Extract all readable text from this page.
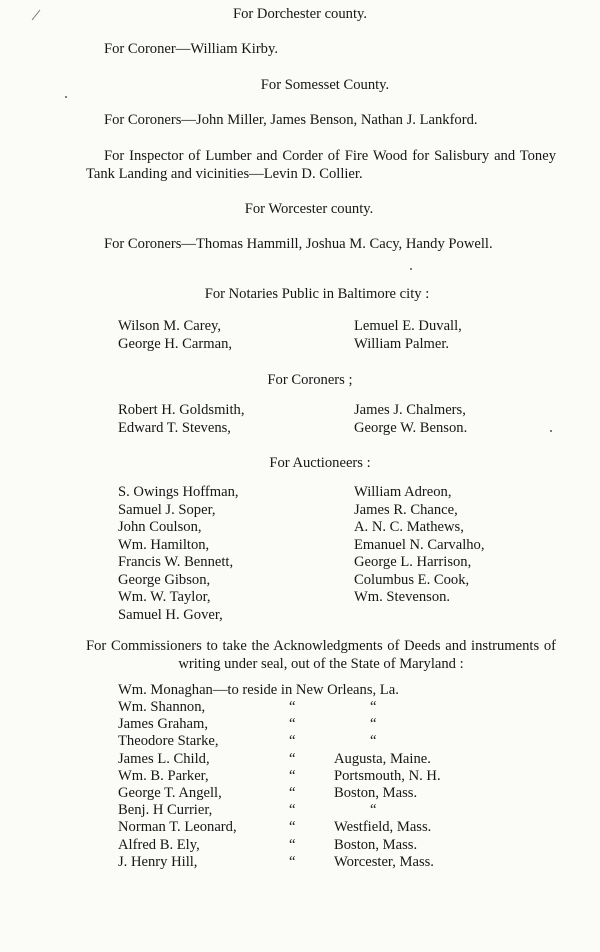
For Dorchester county.
For Coroner—William Kirby.
For Somesset County.
For Coroners—John Miller, James Benson, Nathan J. Lankford.
For Inspector of Lumber and Corder of Fire Wood for Salisbury and Toney Tank Landing and vicinities—Levin D. Collier.
For Worcester county.
For Coroners—Thomas Hammill, Joshua M. Cacy, Handy Powell.
For Notaries Public in Baltimore city :
Wilson M. Carey,	Lemuel E. Duvall,
George H. Carman,	William Palmer.
For Coroners ;
Robert H. Goldsmith,	James J. Chalmers,
Edward T. Stevens,	George W. Benson.
For Auctioneers :
S. Owings Hoffman,	William Adreon,
Samuel J. Soper,	James R. Chance,
John Coulson,	A. N. C. Mathews,
Wm. Hamilton,	Emanuel N. Carvalho,
Francis W. Bennett,	George L. Harrison,
George Gibson,	Columbus E. Cook,
Wm. W. Taylor,	Wm. Stevenson.
Samuel H. Gover,
For Commissioners to take the Acknowledgments of Deeds and instruments of writing under seal, out of the State of Maryland :
Wm. Monaghan—to reside in New Orleans, La.
Wm. Shannon,	“	“
James Graham,	“	“
Theodore Starke,	“	“
James L. Child,	“	Augusta, Maine.
Wm. B. Parker,	“	Portsmouth, N. H.
George T. Angell,	“	Boston, Mass.
Benj. H Currier,	“	“
Norman T. Leonard,	“	Westfield, Mass.
Alfred B. Ely,	“	Boston, Mass.
J. Henry Hill,	“	Worcester, Mass.
